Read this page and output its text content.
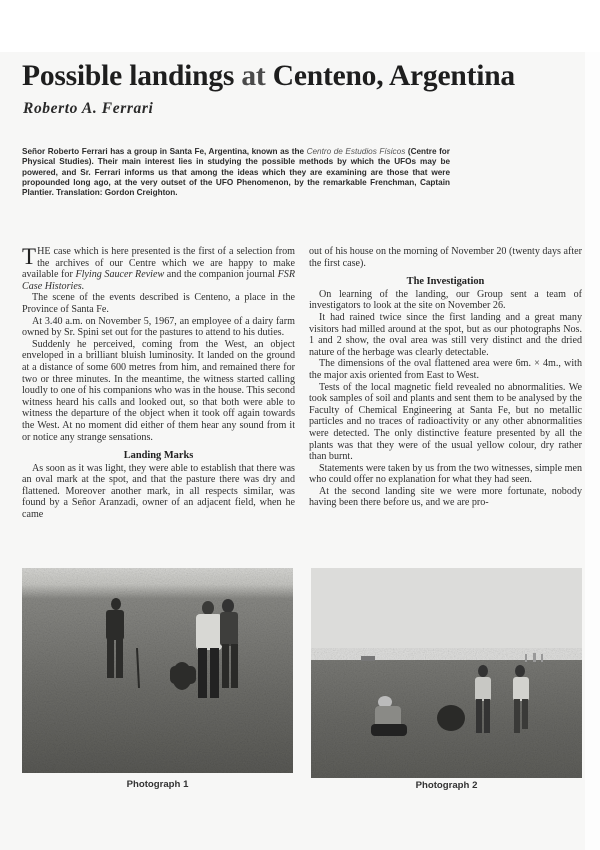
Possible landings at Centeno, Argentina
Roberto A. Ferrari
Señor Roberto Ferrari has a group in Santa Fe, Argentina, known as the Centro de Estudios Físicos (Centre for Physical Studies). Their main interest lies in studying the possible methods by which the UFOs may be powered, and Sr. Ferrari informs us that among the ideas which they are examining are those that were propounded long ago, at the very outset of the UFO Phenomenon, by the remarkable Frenchman, Captain Plantier. Translation: Gordon Creighton.

THE case which is here presented is the first of a selection from the archives of our Centre which we are happy to make available for Flying Saucer Review and the companion journal FSR Case Histories.

The scene of the events described is Centeno, a place in the Province of Santa Fe.

At 3.40 a.m. on November 5, 1967, an employee of a dairy farm owned by Sr. Spini set out for the pastures to attend to his duties.

Suddenly he perceived, coming from the West, an object enveloped in a brilliant bluish luminosity. It landed on the ground at a distance of some 600 metres from him, and remained there for two or three minutes. In the meantime, the witness started calling loudly to one of his companions who was in the house. This second witness heard his calls and looked out, so that both were able to witness the departure of the object when it took off again towards the West. At no moment did either of them hear any sound from it or notice any strange sensations.

Landing Marks

As soon as it was light, they were able to establish that there was an oval mark at the spot, and that the pasture there was dry and flattened. Moreover another mark, in all respects similar, was found by a Señor Aranzadi, owner of an adjacent field, when he came

out of his house on the morning of November 20 (twenty days after the first case).

The Investigation

On learning of the landing, our Group sent a team of investigators to look at the site on November 26.

It had rained twice since the first landing and a great many visitors had milled around at the spot, but as our photographs Nos. 1 and 2 show, the oval area was still very distinct and the dried nature of the herbage was clearly detectable.

The dimensions of the oval flattened area were 6m. × 4m., with the major axis oriented from East to West.

Tests of the local magnetic field revealed no abnormalities. We took samples of soil and plants and sent them to be analysed by the Faculty of Chemical Engineering at Santa Fe, but no metallic particles and no traces of radioactivity or any other abnormalities were detected. The only distinctive feature presented by all the plants was that they were of the usual yellow colour, dry rather than burnt.

Statements were taken by us from the two witnesses, simple men who could offer no explanation for what they had seen.

At the second landing site we were more fortunate, nobody having been there before us, and we are pro-

Photograph 1	Photograph 2
